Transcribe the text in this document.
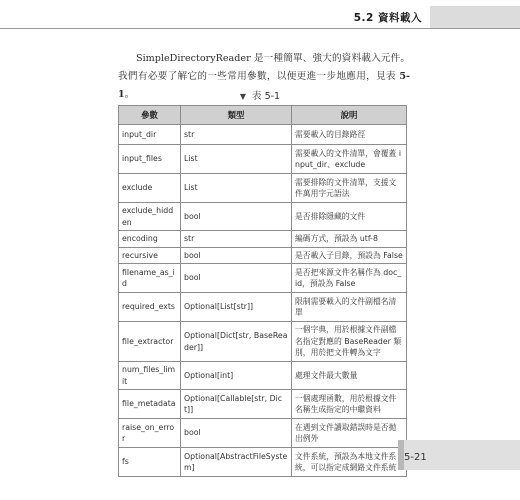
5.2 資料載入

SimpleDirectoryReader 是一種簡單、強大的資料載入元件。我們有必要了解它的一些常用參數，以便更進一步地應用，見表 5-1。	▼ 表 5-1
參數	類型	說明
input_dir	str	需要載入的目錄路徑
input_files	List	需要載入的文件清單，會覆蓋 input_dir、exclude
exclude	List	需要排除的文件清單，支援文件萬用字元語法
exclude_hidden	bool	是否排除隱藏的文件
encoding	str	編碼方式，預設為 utf-8
recursive	bool	是否載入子目錄，預設為 False
filename_as_id	bool	是否把來源文件名稱作為 doc_id，預設為 False
required_exts	Optional[List[str]]	限制需要載入的文件副檔名清單
file_extractor	Optional[Dict[str, BaseReader]]	一個字典，用於根據文件副檔名指定對應的 BaseReader 類別，用於把文件轉為文字
num_files_limit	Optional[int]	處理文件最大數量
file_metadata	Optional[Callable[str, Dict]]	一個處理函數，用於根據文件名稱生成指定的中繼資料
raise_on_error	bool	在遇到文件讀取錯誤時是否拋出例外
fs	Optional[AbstractFileSystem]	文件系統，預設為本地文件系統，可以指定成網路文件系統
5-21
